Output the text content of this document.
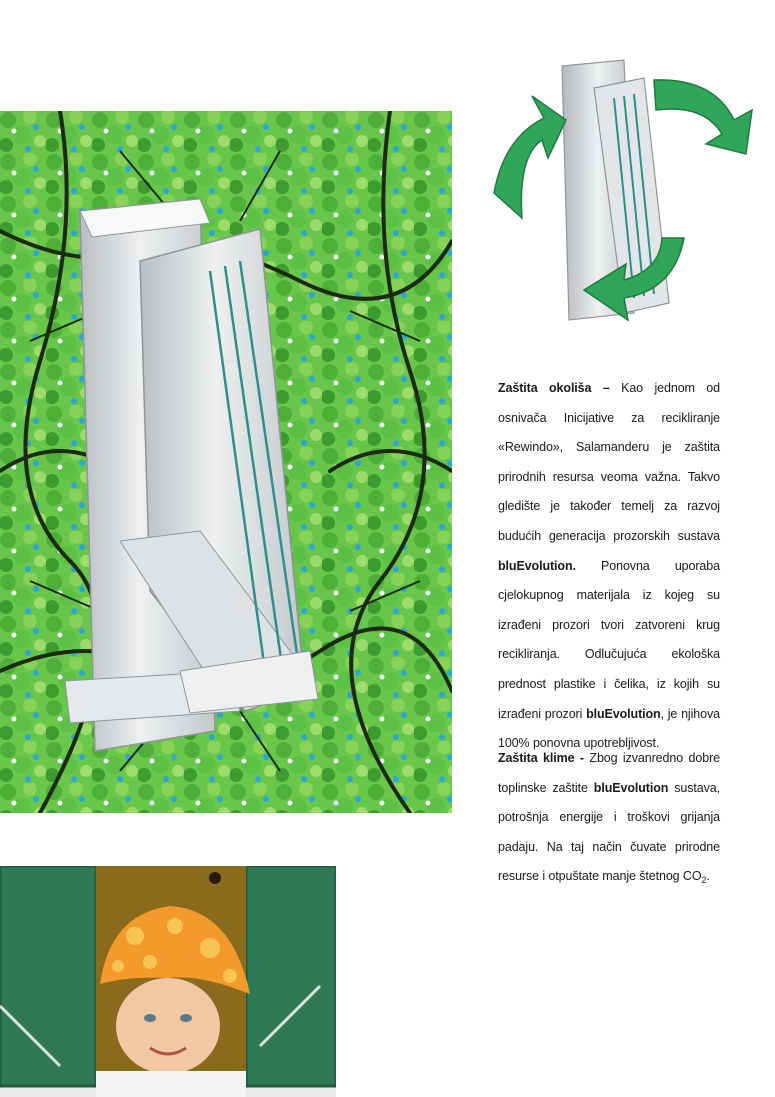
Zaštita okoliša – Kao jednom od osnivača Inicijative za recikliranje «Rewindo», Salamanderu je zaštita prirodnih resursa veoma važna. Takvo gledište je također temelj za razvoj budućih generacija prozorskih sustava bluEvolution. Ponovna uporaba cjelokupnog materijala iz kojeg su izrađeni prozori tvori zatvoreni krug recikliranja. Odlučujuća ekološka prednost plastike i čelika, iz kojih su izrađeni prozori bluEvolution, je njihova 100% ponovna upotrebljivost.
Zaštita klime - Zbog izvanredno dobre toplinske zaštite bluEvolution sustava, potrošnja energije i troškovi grijanja padaju. Na taj način čuvate prirodne resurse i otpuštate manje štetnog $CO_2$.
